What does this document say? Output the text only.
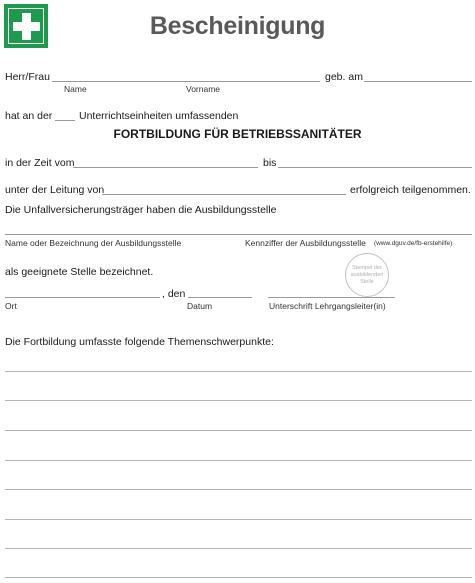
Bescheinigung
Herr/Frau	geb. am
Name	Vorname
hat an der	Unterrichtseinheiten umfassenden
FORTBILDUNG FÜR BETRIEBSSANITÄTER
in der Zeit vom	bis
unter der Leitung von	erfolgreich teilgenommen.
Die Unfallversicherungsträger haben die Ausbildungsstelle
Name oder Bezeichnung der Ausbildungsstelle	Kennziffer der Ausbildungsstelle (www.dguv.de/fb-erstehilfe)
als geeignete Stelle bezeichnet.	Stempel der ausbildenden Stelle
, den
Ort	Datum	Unterschrift Lehrgangsleiter(in)
Die Fortbildung umfasste folgende Themenschwerpunkte:
